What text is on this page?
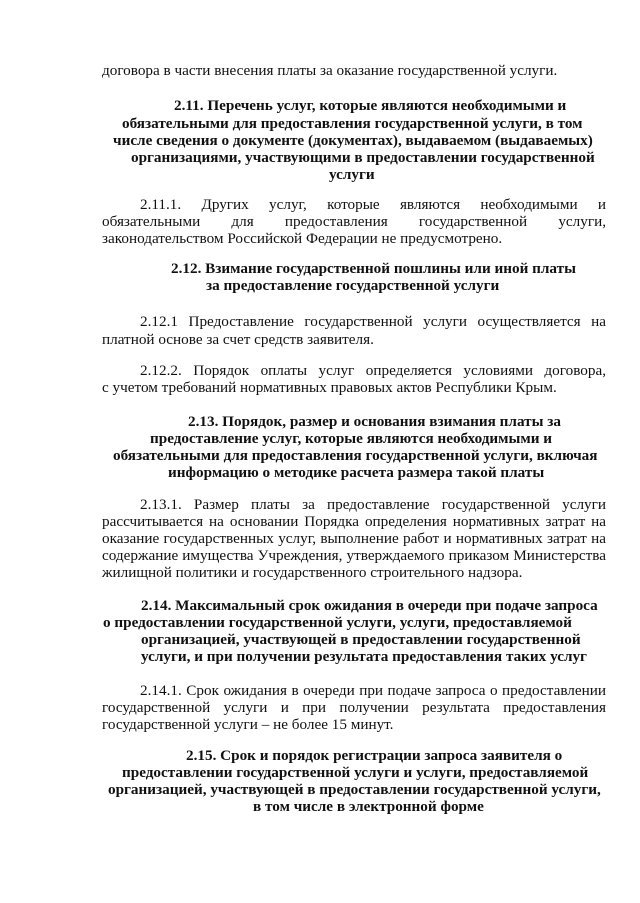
договора в части внесения платы за оказание государственной услуги.
2.11. Перечень услуг, которые являются необходимыми и
обязательными для предоставления государственной услуги, в том
числе сведения о документе (документах), выдаваемом (выдаваемых)
организациями, участвующими в предоставлении государственной
услуги
2.11.1. Других услуг, которые являются необходимыми и
обязательными для предоставления государственной услуги,
законодательством Российской Федерации не предусмотрено.
2.12. Взимание государственной пошлины или иной платы
за предоставление государственной услуги
2.12.1 Предоставление государственной услуги осуществляется на
платной основе за счет средств заявителя.
2.12.2. Порядок оплаты услуг определяется условиями договора,
с учетом требований нормативных правовых актов Республики Крым.
2.13. Порядок, размер и основания взимания платы за
предоставление услуг, которые являются необходимыми и
обязательными для предоставления государственной услуги, включая
информацию о методике расчета размера такой платы
2.13.1. Размер платы за предоставление государственной услуги
рассчитывается на основании Порядка определения нормативных затрат на
оказание государственных услуг, выполнение работ и нормативных затрат на
содержание имущества Учреждения, утверждаемого приказом Министерства
жилищной политики и государственного строительного надзора.
2.14. Максимальный срок ожидания в очереди при подаче запроса
о предоставлении государственной услуги, услуги, предоставляемой
организацией, участвующей в предоставлении государственной
услуги, и при получении результата предоставления таких услуг
2.14.1. Срок ожидания в очереди при подаче запроса о предоставлении
государственной услуги и при получении результата предоставления
государственной услуги – не более 15 минут.
2.15. Срок и порядок регистрации запроса заявителя о
предоставлении государственной услуги и услуги, предоставляемой
организацией, участвующей в предоставлении государственной услуги,
в том числе в электронной форме
